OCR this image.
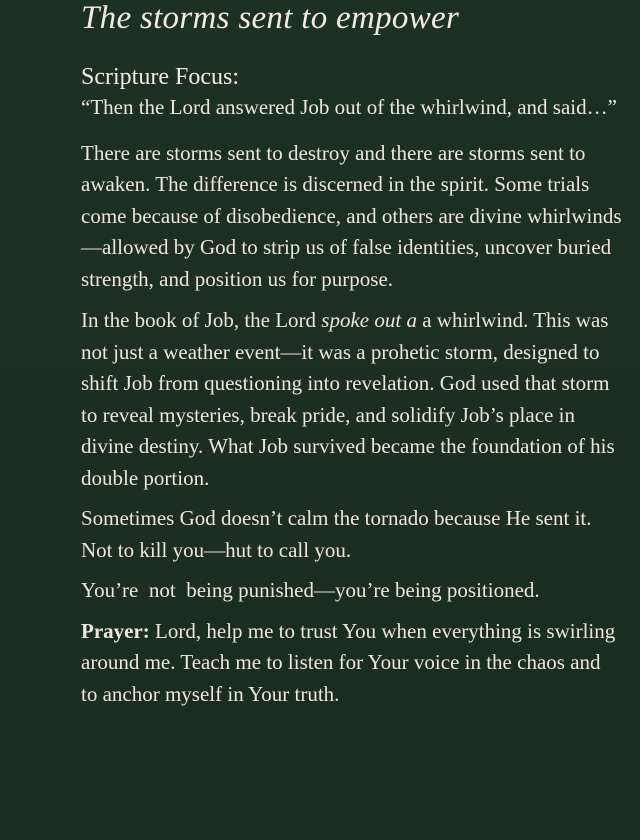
The storms sent to empower
Scripture Focus:

“Then the Lord answered Job out of the whirlwind, and said…”

There are storms sent to destroy and there are storms sent to awaken. The difference is discerned in the spirit. Some trials come because of disobedience, and others are divine whirlwinds—allowed by God to strip us of false identities, uncover buried strength, and position us for purpose.

In the book of Job, the Lord spoke out a a whirlwind. This was not just a weather event—it was a prohetic storm, designed to shift Job from questioning into revelation. God used that storm to reveal mysteries, break pride, and solidify Job’s place in divine destiny. What Job survived became the foundation of his double portion.

Sometimes God doesn’t calm the tornado because He sent it. Not to kill you—hut to call you.

You’re  not  being punished—you’re being positioned.

Prayer: Lord, help me to trust You when everything is swirling around me. Teach me to listen for Your voice in the chaos and to anchor myself in Your truth.
